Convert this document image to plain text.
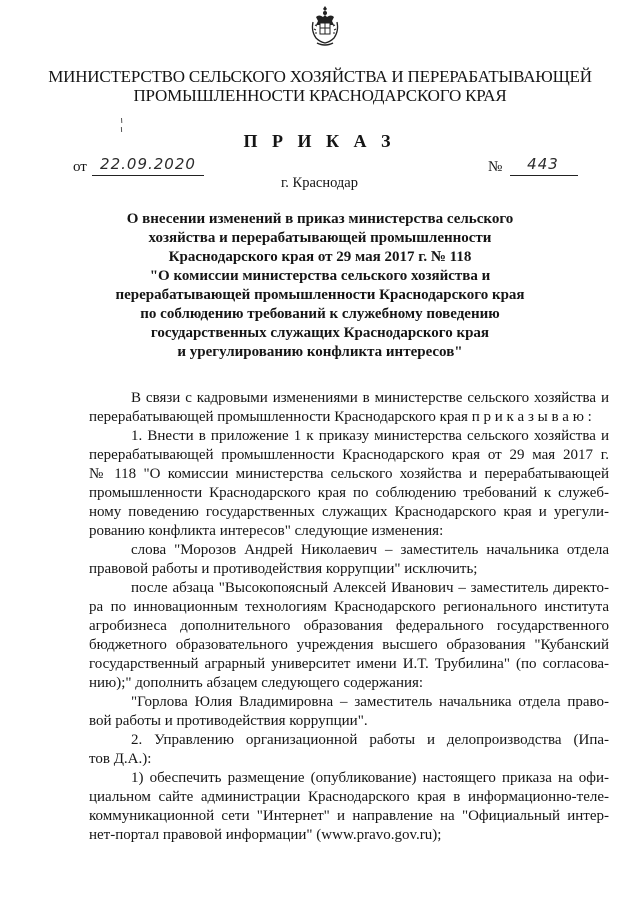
МИНИСТЕРСТВО СЕЛЬСКОГО ХОЗЯЙСТВА И ПЕРЕРАБАТЫВАЮЩЕЙ
ПРОМЫШЛЕННОСТИ КРАСНОДАРСКОГО КРАЯ
П Р И К А З
от 22.09.2020	№	443
г. Краснодар
О внесении изменений в приказ министерства сельского
хозяйства и перерабатывающей промышленности
Краснодарского края от 29 мая 2017 г. № 118
"О комиссии министерства сельского хозяйства и
перерабатывающей промышленности Краснодарского края
по соблюдению требований к служебному поведению
государственных служащих Краснодарского края
и урегулированию конфликта интересов"
В связи с кадровыми изменениями в министерстве сельского хозяйства и
перерабатывающей промышленности Краснодарского края п р и к а з ы в а ю :
1. Внести в приложение 1 к приказу министерства сельского хозяйства и
перерабатывающей промышленности Краснодарского края от 29 мая 2017 г.
№ 118 "О комиссии министерства сельского хозяйства и перерабатывающей
промышленности Краснодарского края по соблюдению требований к служеб-
ному поведению государственных служащих Краснодарского края и урегули-
рованию конфликта интересов" следующие изменения:
слова "Морозов Андрей Николаевич – заместитель начальника отдела
правовой работы и противодействия коррупции" исключить;
после абзаца "Высокопоясный Алексей Иванович – заместитель директо-
ра по инновационным технологиям Краснодарского регионального института
агробизнеса дополнительного образования федерального государственного
бюджетного образовательного учреждения высшего образования "Кубанский
государственный аграрный университет имени И.Т. Трубилина" (по согласова-
нию);" дополнить абзацем следующего содержания:
"Горлова Юлия Владимировна – заместитель начальника отдела право-
вой работы и противодействия коррупции".
2. Управлению организационной работы и делопроизводства (Ипа-
тов Д.А.):
1) обеспечить размещение (опубликование) настоящего приказа на офи-
циальном сайте администрации Краснодарского края в информационно-теле-
коммуникационной сети "Интернет" и направление на "Официальный интер-
нет-портал правовой информации" (www.pravo.gov.ru);
